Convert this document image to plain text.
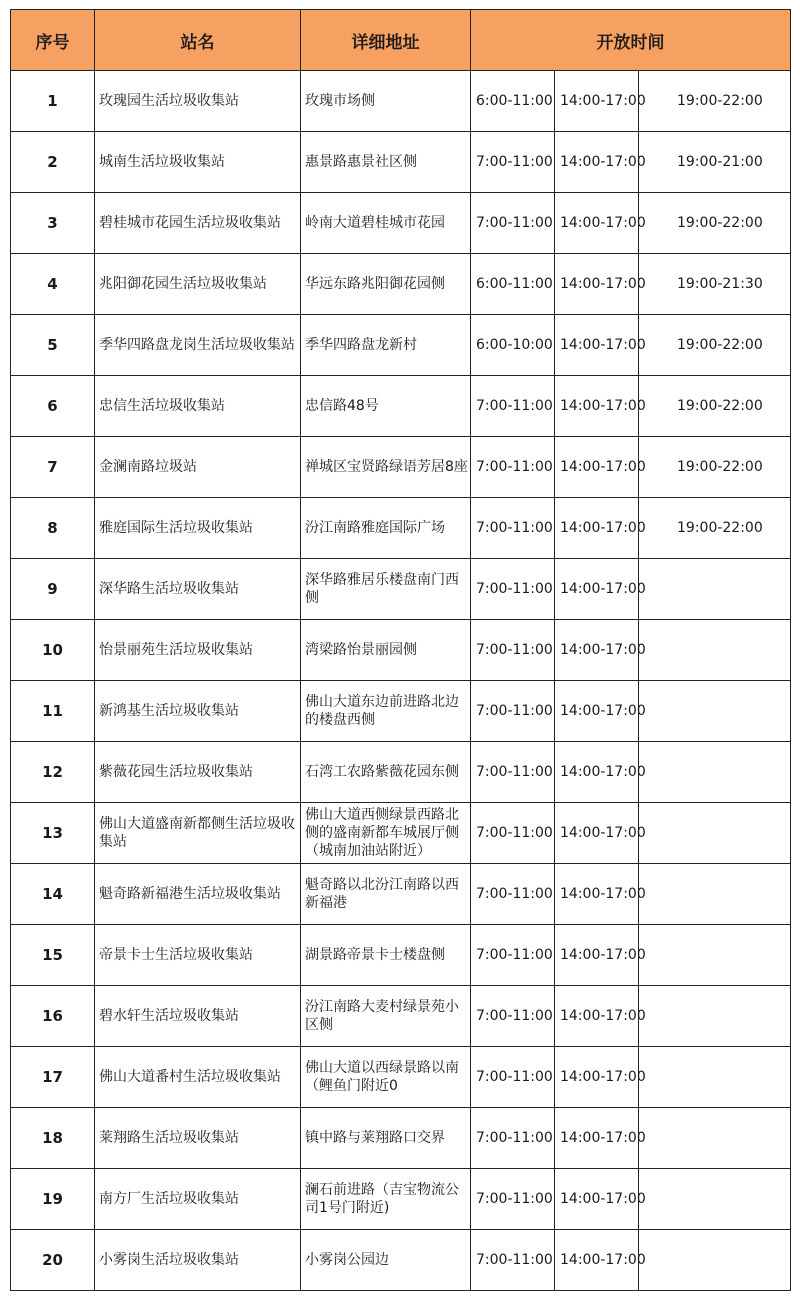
序号	站名	详细地址	开放时间		
1	玫瑰园生活垃圾收集站	玫瑰市场侧	6:00-11:00	14:00-17:00	19:00-22:00
2	城南生活垃圾收集站	惠景路惠景社区侧	7:00-11:00	14:00-17:00	19:00-21:00
3	碧桂城市花园生活垃圾收集站	岭南大道碧桂城市花园	7:00-11:00	14:00-17:00	19:00-22:00
4	兆阳御花园生活垃圾收集站	华远东路兆阳御花园侧	6:00-11:00	14:00-17:00	19:00-21:30
5	季华四路盘龙岗生活垃圾收集站	季华四路盘龙新村	6:00-10:00	14:00-17:00	19:00-22:00
6	忠信生活垃圾收集站	忠信路48号	7:00-11:00	14:00-17:00	19:00-22:00
7	金澜南路垃圾站	禅城区宝贤路绿语芳居8座	7:00-11:00	14:00-17:00	19:00-22:00
8	雅庭国际生活垃圾收集站	汾江南路雅庭国际广场	7:00-11:00	14:00-17:00	19:00-22:00
9	深华路生活垃圾收集站	深华路雅居乐楼盘南门西侧	7:00-11:00	14:00-17:00	
10	怡景丽苑生活垃圾收集站	湾梁路怡景丽园侧	7:00-11:00	14:00-17:00	
11	新鸿基生活垃圾收集站	佛山大道东边前进路北边的楼盘西侧	7:00-11:00	14:00-17:00	
12	紫薇花园生活垃圾收集站	石湾工农路紫薇花园东侧	7:00-11:00	14:00-17:00	
13	佛山大道盛南新都侧生活垃圾收集站	佛山大道西侧绿景西路北侧的盛南新都车城展厅侧（城南加油站附近）	7:00-11:00	14:00-17:00	
14	魁奇路新福港生活垃圾收集站	魁奇路以北汾江南路以西新福港	7:00-11:00	14:00-17:00	
15	帝景卡士生活垃圾收集站	湖景路帝景卡士楼盘侧	7:00-11:00	14:00-17:00	
16	碧水轩生活垃圾收集站	汾江南路大麦村绿景苑小区侧	7:00-11:00	14:00-17:00	
17	佛山大道番村生活垃圾收集站	佛山大道以西绿景路以南（鲤鱼门附近0	7:00-11:00	14:00-17:00	
18	莱翔路生活垃圾收集站	镇中路与莱翔路口交界	7:00-11:00	14:00-17:00	
19	南方厂生活垃圾收集站	澜石前进路（吉宝物流公司1号门附近)	7:00-11:00	14:00-17:00	
20	小雾岗生活垃圾收集站	小雾岗公园边	7:00-11:00	14:00-17:00	
